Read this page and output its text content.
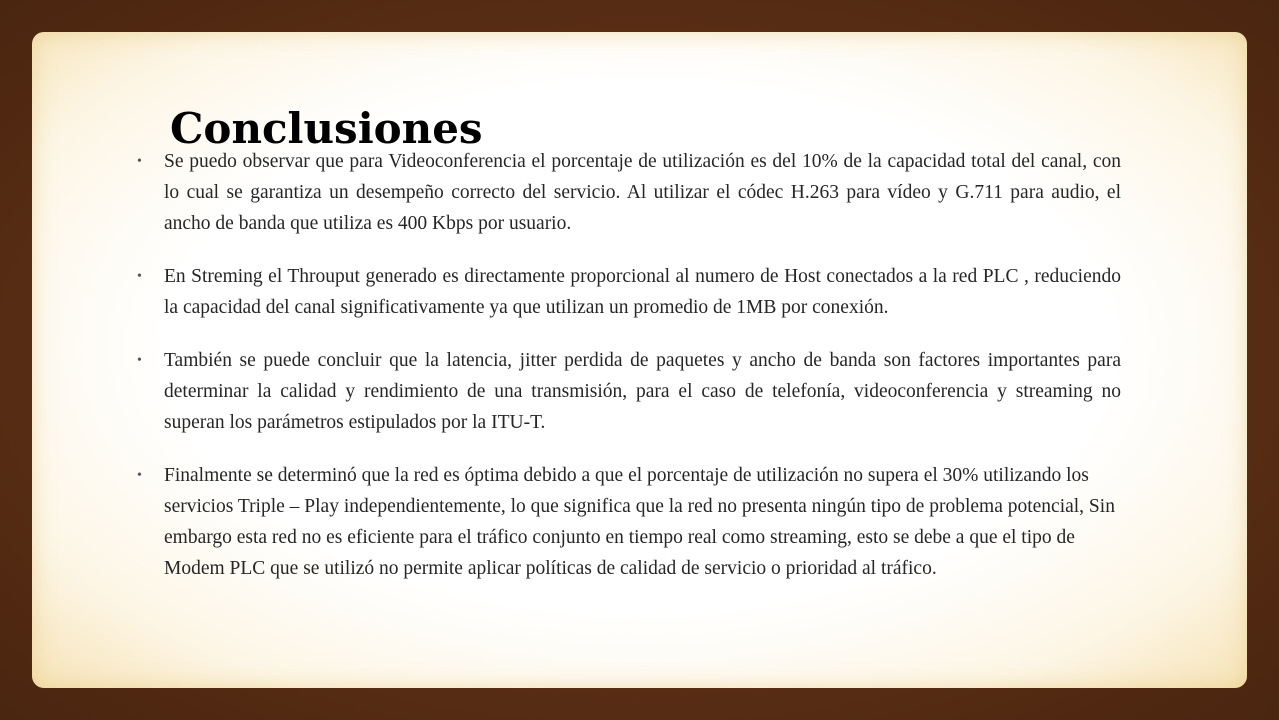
Conclusiones
• Se puedo observar que para Videoconferencia el porcentaje de utilización es del 10% de la capacidad total del canal, con lo cual se garantiza un desempeño correcto del servicio. Al utilizar el códec H.263 para vídeo y G.711 para audio, el ancho de banda que utiliza es 400 Kbps por usuario.
• En Streming el Throuput generado es directamente proporcional al numero de Host conectados a la red PLC , reduciendo la capacidad del canal significativamente ya que utilizan un promedio de 1MB por conexión.
• También se puede concluir que la latencia, jitter perdida de paquetes y ancho de banda son factores importantes para determinar la calidad y rendimiento de una transmisión, para el caso de telefonía, videoconferencia y streaming no superan los parámetros estipulados por la ITU-T.
• Finalmente se determinó que la red es óptima debido a que el porcentaje de utilización no supera el 30% utilizando los servicios Triple – Play independientemente, lo que significa que la red no presenta ningún tipo de problema potencial, Sin embargo esta red no es eficiente para el tráfico conjunto en tiempo real como streaming, esto se debe a que el tipo de Modem PLC que se utilizó no permite aplicar políticas de calidad de servicio o prioridad al tráfico.
